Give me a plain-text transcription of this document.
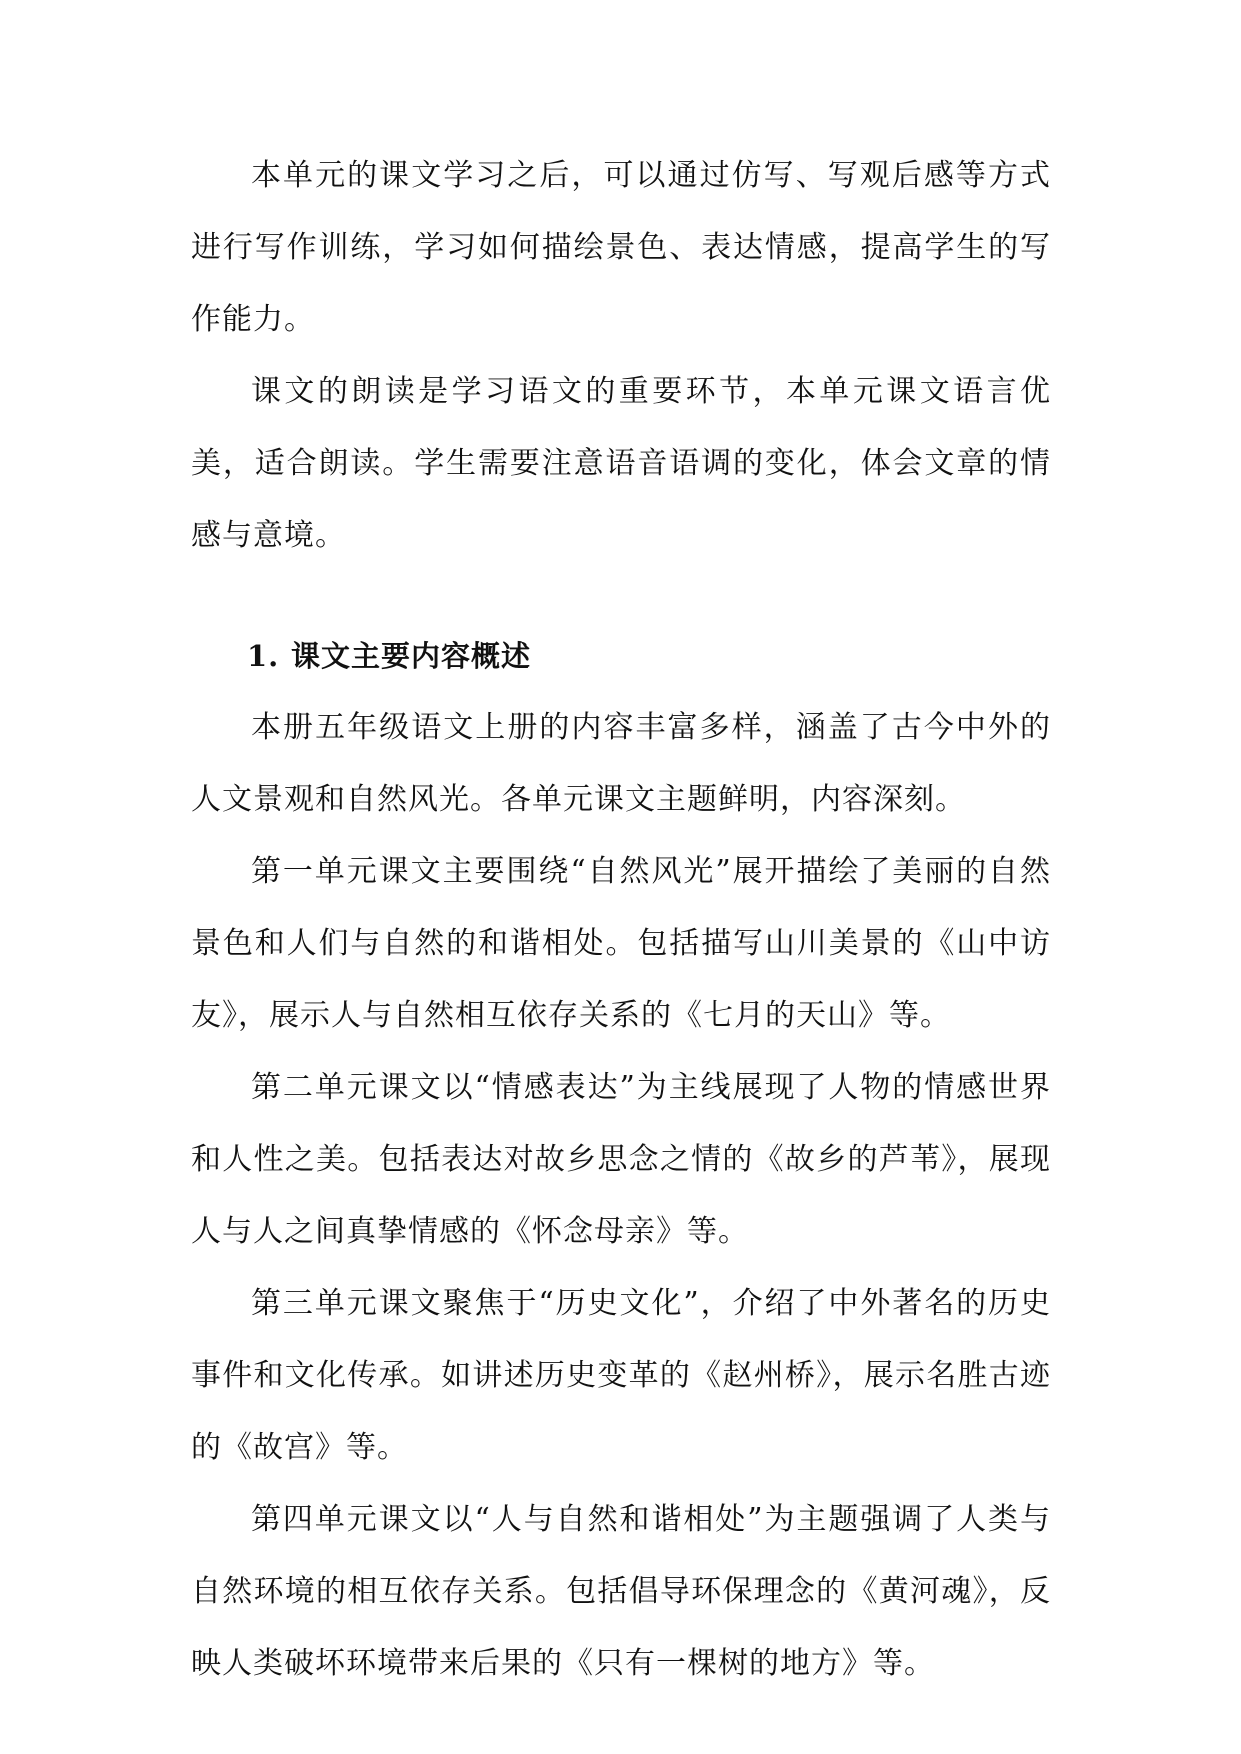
本单元的课文学习之后，可以通过仿写、写观后感等方式进行写作训练，学习如何描绘景色、表达情感，提高学生的写作能力。

课文的朗读是学习语文的重要环节，本单元课文语言优美，适合朗读。学生需要注意语音语调的变化，体会文章的情感与意境。

1. 课文主要内容概述

本册五年级语文上册的内容丰富多样，涵盖了古今中外的人文景观和自然风光。各单元课文主题鲜明，内容深刻。

第一单元课文主要围绕“自然风光”展开描绘了美丽的自然景色和人们与自然的和谐相处。包括描写山川美景的《山中访友》，展示人与自然相互依存关系的《七月的天山》等。

第二单元课文以“情感表达”为主线展现了人物的情感世界和人性之美。包括表达对故乡思念之情的《故乡的芦苇》，展现人与人之间真挚情感的《怀念母亲》等。

第三单元课文聚焦于“历史文化”，介绍了中外著名的历史事件和文化传承。如讲述历史变革的《赵州桥》，展示名胜古迹的《故宫》等。

第四单元课文以“人与自然和谐相处”为主题强调了人类与自然环境的相互依存关系。包括倡导环保理念的《黄河魂》，反映人类破坏环境带来后果的《只有一棵树的地方》等。
